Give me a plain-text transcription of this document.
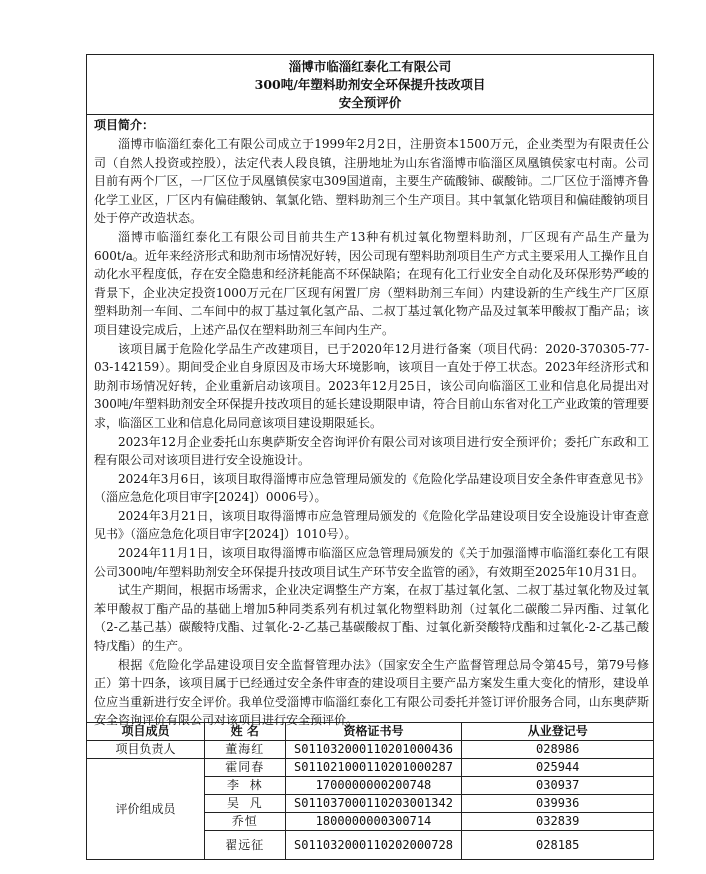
淄博市临淄红泰化工有限公司
300吨/年塑料助剂安全环保提升技改项目
安全预评价
项目简介：

淄博市临淄红泰化工有限公司成立于1999年2月2日，注册资本1500万元，企业类型为有限责任公司（自然人投资或控股），法定代表人段良镇，注册地址为山东省淄博市临淄区凤凰镇侯家屯村南。公司目前有两个厂区，一厂区位于凤凰镇侯家屯309国道南，主要生产硫酸铈、碳酸铈。二厂区位于淄博齐鲁化学工业区，厂区内有偏硅酸钠、氧氯化锆、塑料助剂三个生产项目。其中氧氯化锆项目和偏硅酸钠项目处于停产改造状态。

淄博市临淄红泰化工有限公司目前共生产13种有机过氧化物塑料助剂，厂区现有产品生产量为600t/a。近年来经济形式和助剂市场情况好转，因公司现有塑料助剂项目生产方式主要采用人工操作且自动化水平程度低，存在安全隐患和经济耗能高不环保缺陷；在现有化工行业安全自动化及环保形势严峻的背景下，企业决定投资1000万元在厂区现有闲置厂房（塑料助剂三车间）内建设新的生产线生产厂区原塑料助剂一车间、二车间中的叔丁基过氧化氢产品、二叔丁基过氧化物产品及过氧苯甲酸叔丁酯产品；该项目建设完成后，上述产品仅在塑料助剂三车间内生产。

该项目属于危险化学品生产改建项目，已于2020年12月进行备案（项目代码：2020-370305-77-03-142159）。期间受企业自身原因及市场大环境影响，该项目一直处于停工状态。2023年经济形式和助剂市场情况好转，企业重新启动该项目。2023年12月25日，该公司向临淄区工业和信息化局提出对300吨/年塑料助剂安全环保提升技改项目的延长建设期限申请，符合目前山东省对化工产业政策的管理要求，临淄区工业和信息化局同意该项目建设期限延长。

2023年12月企业委托山东奥萨斯安全咨询评价有限公司对该项目进行安全预评价；委托广东政和工程有限公司对该项目进行安全设施设计。

2024年3月6日，该项目取得淄博市应急管理局颁发的《危险化学品建设项目安全条件审查意见书》（淄应急危化项目审字[2024]）0006号）。

2024年3月21日，该项目取得淄博市应急管理局颁发的《危险化学品建设项目安全设施设计审查意见书》（淄应急危化项目审字[2024]）1010号）。

2024年11月1日，该项目取得淄博市临淄区应急管理局颁发的《关于加强淄博市临淄红泰化工有限公司300吨/年塑料助剂安全环保提升技改项目试生产环节安全监管的函》，有效期至2025年10月31日。

试生产期间，根据市场需求，企业决定调整生产方案，在叔丁基过氧化氢、二叔丁基过氧化物及过氧苯甲酸叔丁酯产品的基础上增加5种同类系列有机过氧化物塑料助剂（过氧化二碳酸二异丙酯、过氧化（2-乙基己基）碳酸特戊酯、过氧化-2-乙基己基碳酸叔丁酯、过氧化新癸酸特戊酯和过氧化-2-乙基己酸特戊酯）的生产。

根据《危险化学品建设项目安全监督管理办法》（国家安全生产监督管理总局令第45号，第79号修正）第十四条，该项目属于已经通过安全条件审查的建设项目主要产品方案发生重大变化的情形，建设单位应当重新进行安全评价。我单位受淄博市临淄红泰化工有限公司委托并签订评价服务合同，山东奥萨斯安全咨询评价有限公司对该项目进行安全预评价。

项目成员	姓 名	资格证书号	从业登记号
项目负责人	董海红	S011032000110201000436	028986
评价组成员	霍同春	S011021000110201000287	025944
	李  林	1700000000200748	030937
	吴  凡	S011037000110203001342	039936
	乔恒	1800000000300714	032839
	翟远征	S011032000110202000728	028185
